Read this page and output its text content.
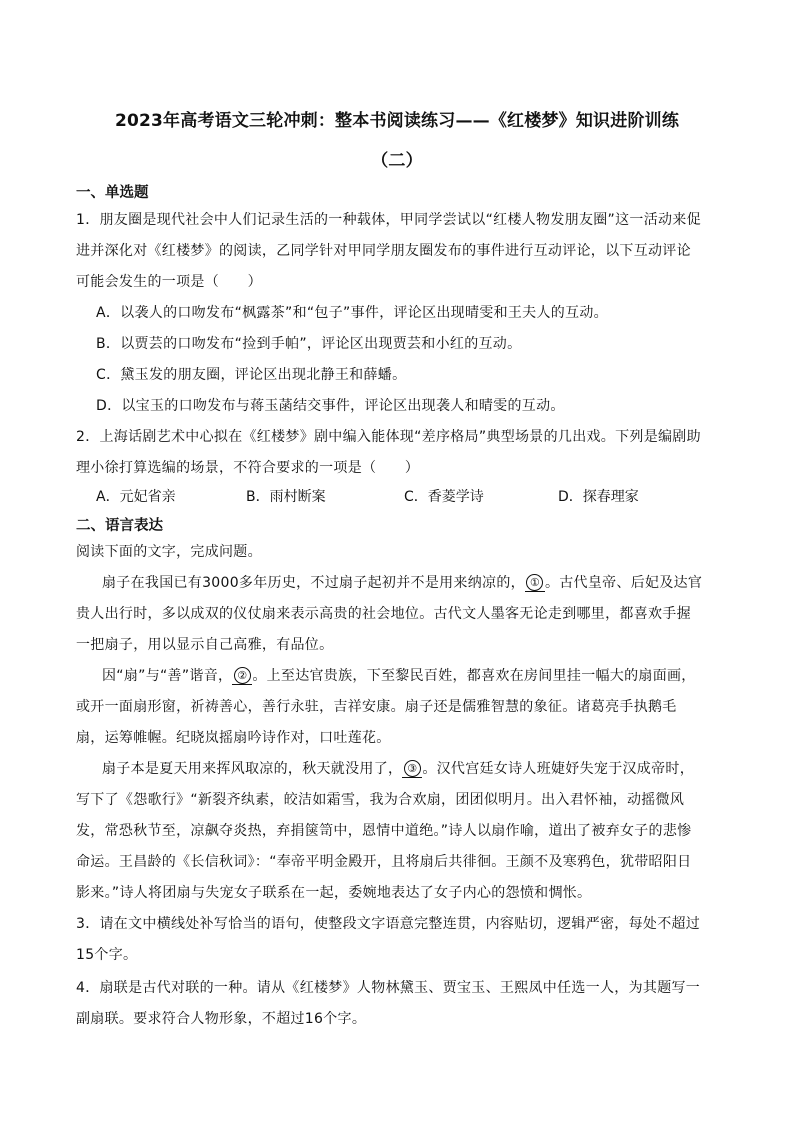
2023年高考语文三轮冲刺：整本书阅读练习——《红楼梦》知识进阶训练
（二）
一、单选题
1．朋友圈是现代社会中人们记录生活的一种载体，甲同学尝试以“红楼人物发朋友圈”这一活动来促
进并深化对《红楼梦》的阅读，乙同学针对甲同学朋友圈发布的事件进行互动评论，以下互动评论
可能会发生的一项是（　　）
A．以袭人的口吻发布“枫露茶”和“包子”事件，评论区出现晴雯和王夫人的互动。
B．以贾芸的口吻发布“捡到手帕”，评论区出现贾芸和小红的互动。
C．黛玉发的朋友圈，评论区出现北静王和薛蟠。
D．以宝玉的口吻发布与蒋玉菡结交事件，评论区出现袭人和晴雯的互动。
2．上海话剧艺术中心拟在《红楼梦》剧中编入能体现“差序格局”典型场景的几出戏。下列是编剧助
理小徐打算选编的场景，不符合要求的一项是（　　）
A．元妃省亲	B．雨村断案	C．香菱学诗	D．探春理家
二、语言表达
阅读下面的文字，完成问题。
扇子在我国已有3000多年历史，不过扇子起初并不是用来纳凉的， ① 。古代皇帝、后妃及达官
贵人出行时，多以成双的仪仗扇来表示高贵的社会地位。古代文人墨客无论走到哪里，都喜欢手握
一把扇子，用以显示自己高雅，有品位。
因“扇”与“善”谐音， ② 。上至达官贵族，下至黎民百姓，都喜欢在房间里挂一幅大的扇面画，
或开一面扇形窗，祈祷善心，善行永驻，吉祥安康。扇子还是儒雅智慧的象征。诸葛亮手执鹅毛
扇，运筹帷幄。纪晓岚摇扇吟诗作对，口吐莲花。
扇子本是夏天用来挥风取凉的，秋天就没用了， ③ 。汉代宫廷女诗人班婕妤失宠于汉成帝时，
写下了《怨歌行》“新裂齐纨素，皎洁如霜雪，我为合欢扇，团团似明月。出入君怀袖，动摇微风
发，常恐秋节至，凉飙夺炎热，弃捐箧笥中，恩情中道绝。”诗人以扇作喻，道出了被弃女子的悲惨
命运。王昌龄的《长信秋词》：“奉帝平明金殿开，且将扇后共徘徊。王颜不及寒鸦色，犹带昭阳日
影来。”诗人将团扇与失宠女子联系在一起，委婉地表达了女子内心的怨愤和惆怅。
3．请在文中横线处补写恰当的语句，使整段文字语意完整连贯，内容贴切，逻辑严密，每处不超过
15个字。
4．扇联是古代对联的一种。请从《红楼梦》人物林黛玉、贾宝玉、王熙凤中任选一人，为其题写一
副扇联。要求符合人物形象，不超过16个字。
